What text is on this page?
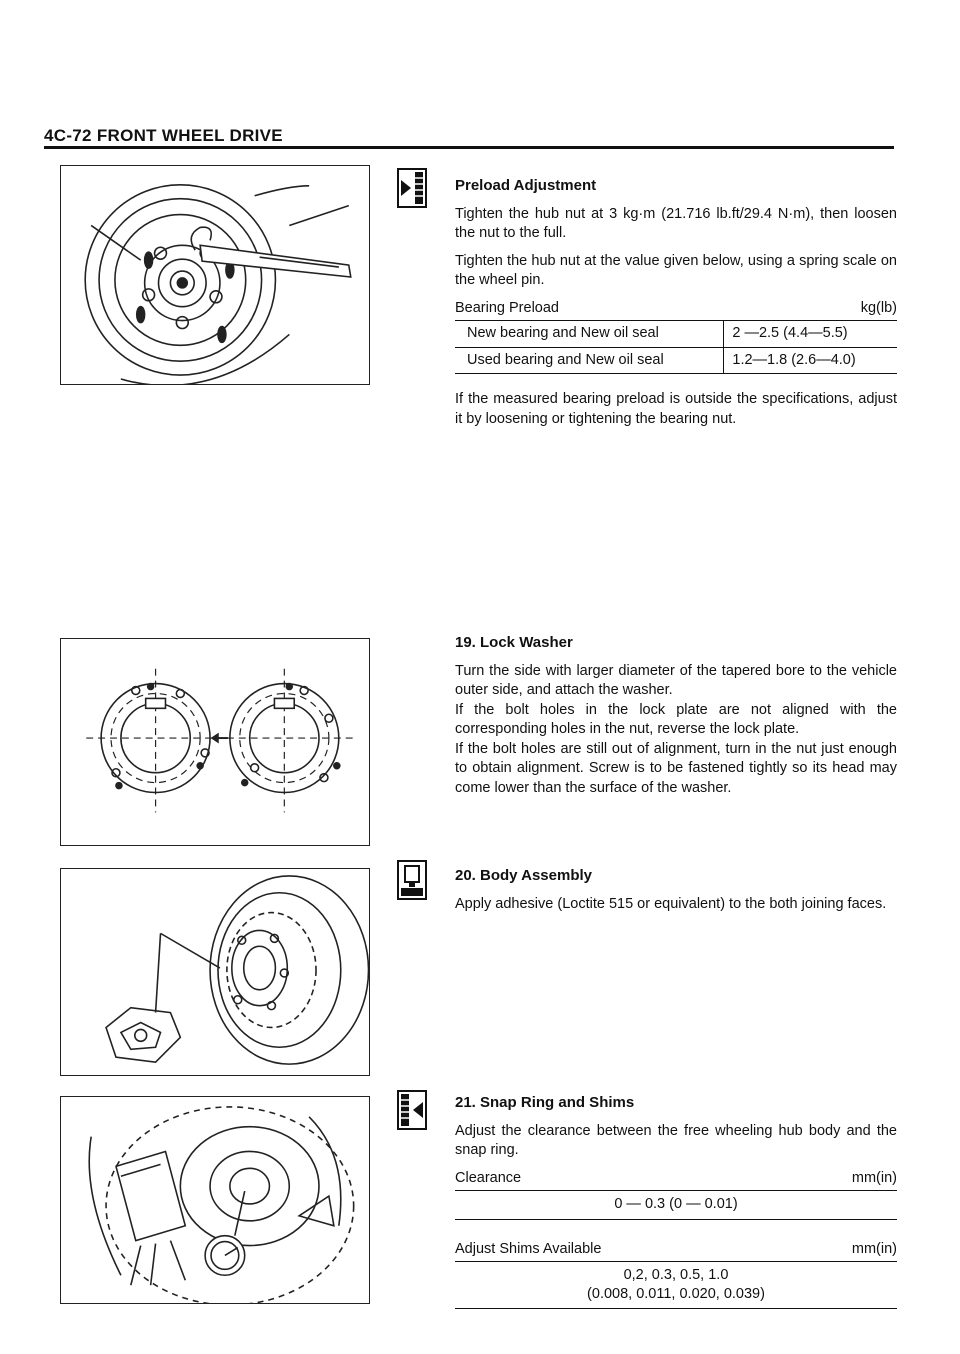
4C-72 FRONT WHEEL DRIVE
Preload Adjustment

Tighten the hub nut at 3 kg·m (21.716 lb.ft/29.4 N·m), then loosen the nut to the full.

Tighten the hub nut at the value given below, using a spring scale on the wheel pin.

Bearing Preload	kg(lb)
New bearing and New oil seal	2 —2.5 (4.4—5.5)
Used bearing and New oil seal	1.2—1.8 (2.6—4.0)

If the measured bearing preload is outside the specifications, adjust it by loosening or tightening the bearing nut.

19. Lock Washer

Turn the side with larger diameter of the tapered bore to the vehicle outer side, and attach the washer.

If the bolt holes in the lock plate are not aligned with the corresponding holes in the nut, reverse the lock plate.

If the bolt holes are still out of alignment, turn in the nut just enough to obtain alignment. Screw is to be fastened tightly so its head may come lower than the surface of the washer.

20. Body Assembly

Apply adhesive (Loctite 515 or equivalent) to the both joining faces.

21. Snap Ring and Shims

Adjust the clearance between the free wheeling hub body and the snap ring.

Clearance	mm(in)
0 — 0.3 (0 — 0.01)
Adjust Shims Available	mm(in)
0,2, 0.3, 0.5, 1.0
(0.008, 0.011, 0.020, 0.039)
